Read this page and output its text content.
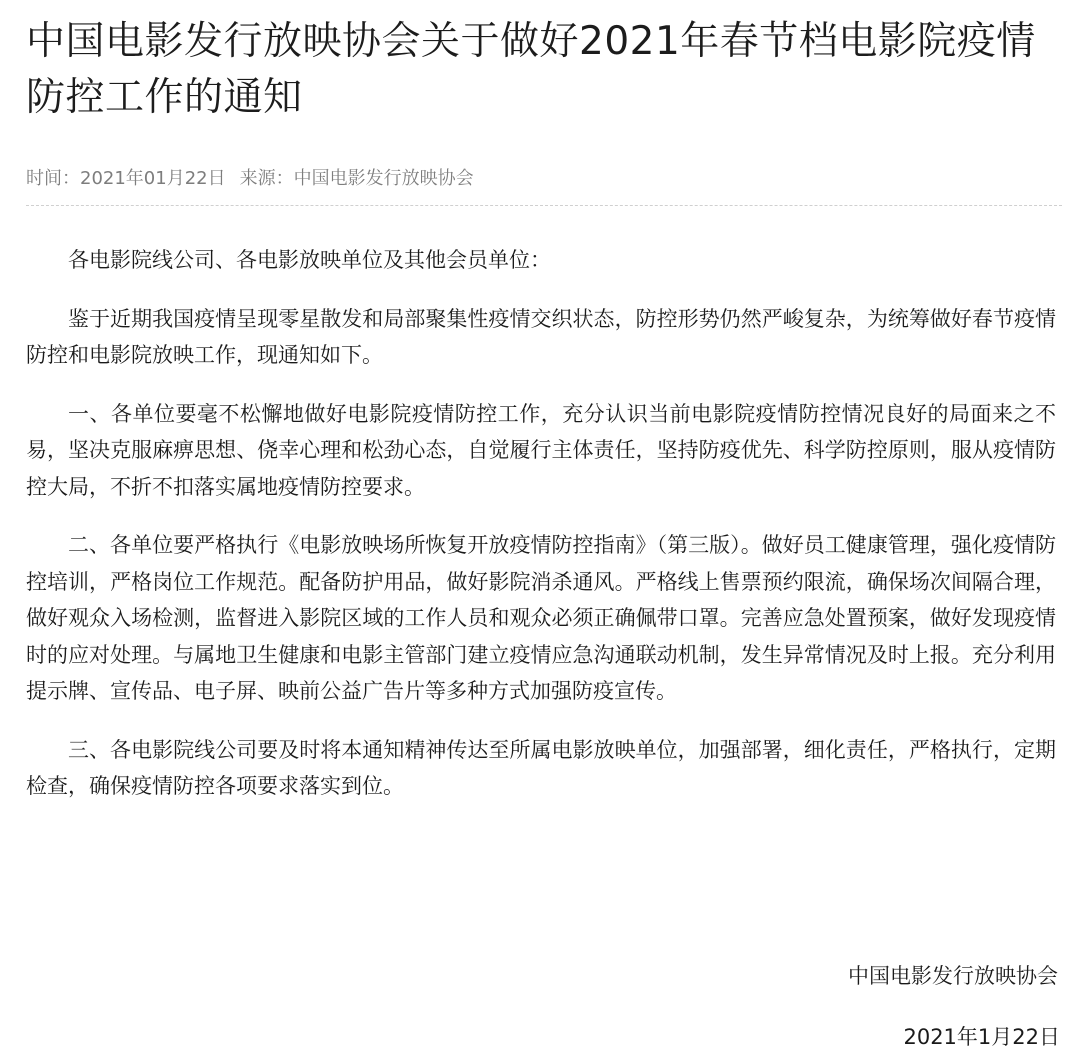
中国电影发行放映协会关于做好2021年春节档电影院疫情防控工作的通知
时间：2021年01月22日 来源：中国电影发行放映协会

各电影院线公司、各电影放映单位及其他会员单位：

鉴于近期我国疫情呈现零星散发和局部聚集性疫情交织状态，防控形势仍然严峻复杂，为统筹做好春节疫情防控和电影院放映工作，现通知如下。

一、各单位要毫不松懈地做好电影院疫情防控工作，充分认识当前电影院疫情防控情况良好的局面来之不易，坚决克服麻痹思想、侥幸心理和松劲心态，自觉履行主体责任，坚持防疫优先、科学防控原则，服从疫情防控大局，不折不扣落实属地疫情防控要求。

二、各单位要严格执行《电影放映场所恢复开放疫情防控指南》（第三版）。做好员工健康管理，强化疫情防控培训，严格岗位工作规范。配备防护用品，做好影院消杀通风。严格线上售票预约限流，确保场次间隔合理，做好观众入场检测，监督进入影院区域的工作人员和观众必须正确佩带口罩。完善应急处置预案，做好发现疫情时的应对处理。与属地卫生健康和电影主管部门建立疫情应急沟通联动机制，发生异常情况及时上报。充分利用提示牌、宣传品、电子屏、映前公益广告片等多种方式加强防疫宣传。

三、各电影院线公司要及时将本通知精神传达至所属电影放映单位，加强部署，细化责任，严格执行，定期检查，确保疫情防控各项要求落实到位。

中国电影发行放映协会
2021年1月22日
